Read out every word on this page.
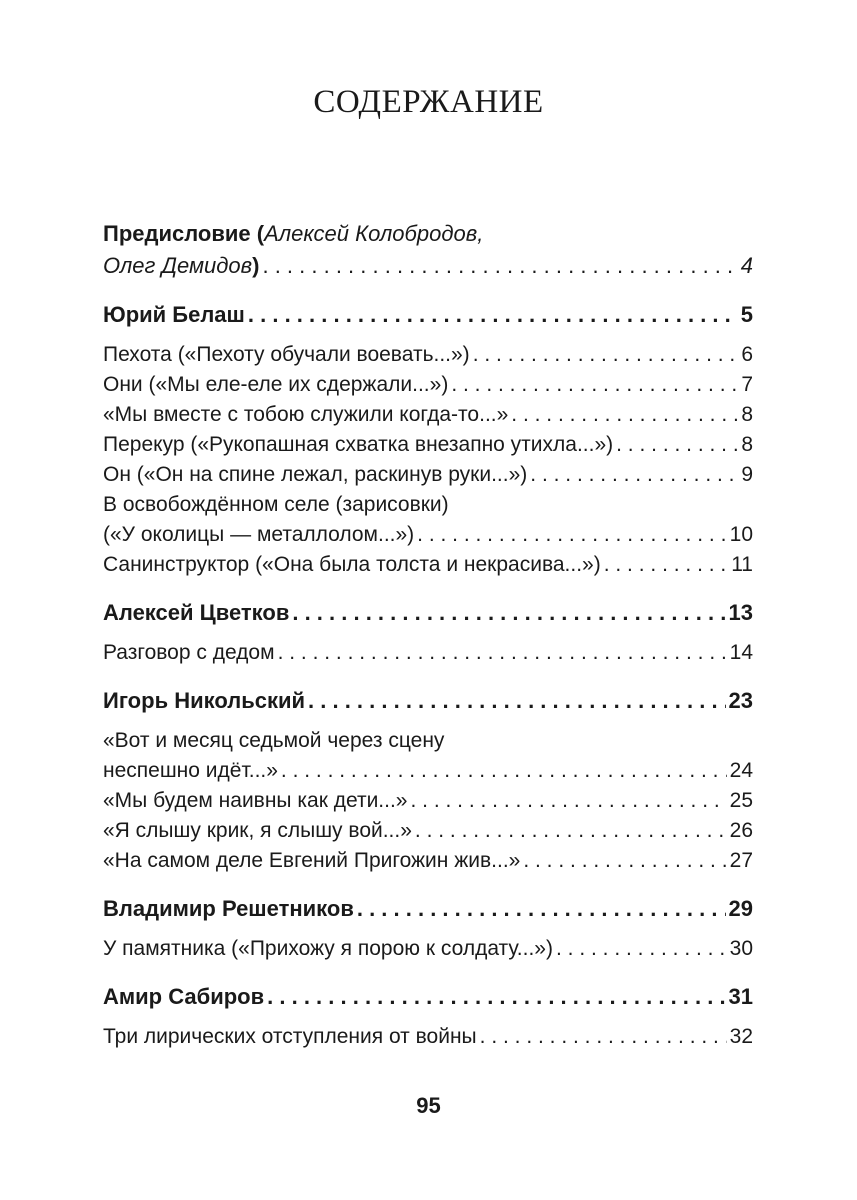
СОДЕРЖАНИЕ
Предисловие (Алексей Колобродов,
Олег Демидов) . . .	4
Юрий Белаш . . .	5
Пехота («Пехоту обучали воевать...») . . .	6
Они («Мы еле-еле их сдержали...») . . .	7
«Мы вместе с тобою служили когда-то...» . . .	8
Перекур («Рукопашная схватка внезапно утихла...») . . .	8
Он («Он на спине лежал, раскинув руки...») . . .	9
В освобождённом селе (зарисовки)
(«У околицы — металлолом...») . . .	10
Санинструктор («Она была толста и некрасива...») . . .	11
Алексей Цветков . . .	13
Разговор с дедом . . .	14
Игорь Никольский . . .	23
«Вот и месяц седьмой через сцену
неспешно идёт...» . . .	24
«Мы будем наивны как дети...» . . .	25
«Я слышу крик, я слышу вой...» . . .	26
«На самом деле Евгений Пригожин жив...» . . .	27
Владимир Решетников . . .	29
У памятника («Прихожу я порою к солдату...») . . .	30
Амир Сабиров . . .	31
Три лирических отступления от войны . . .	32
95
